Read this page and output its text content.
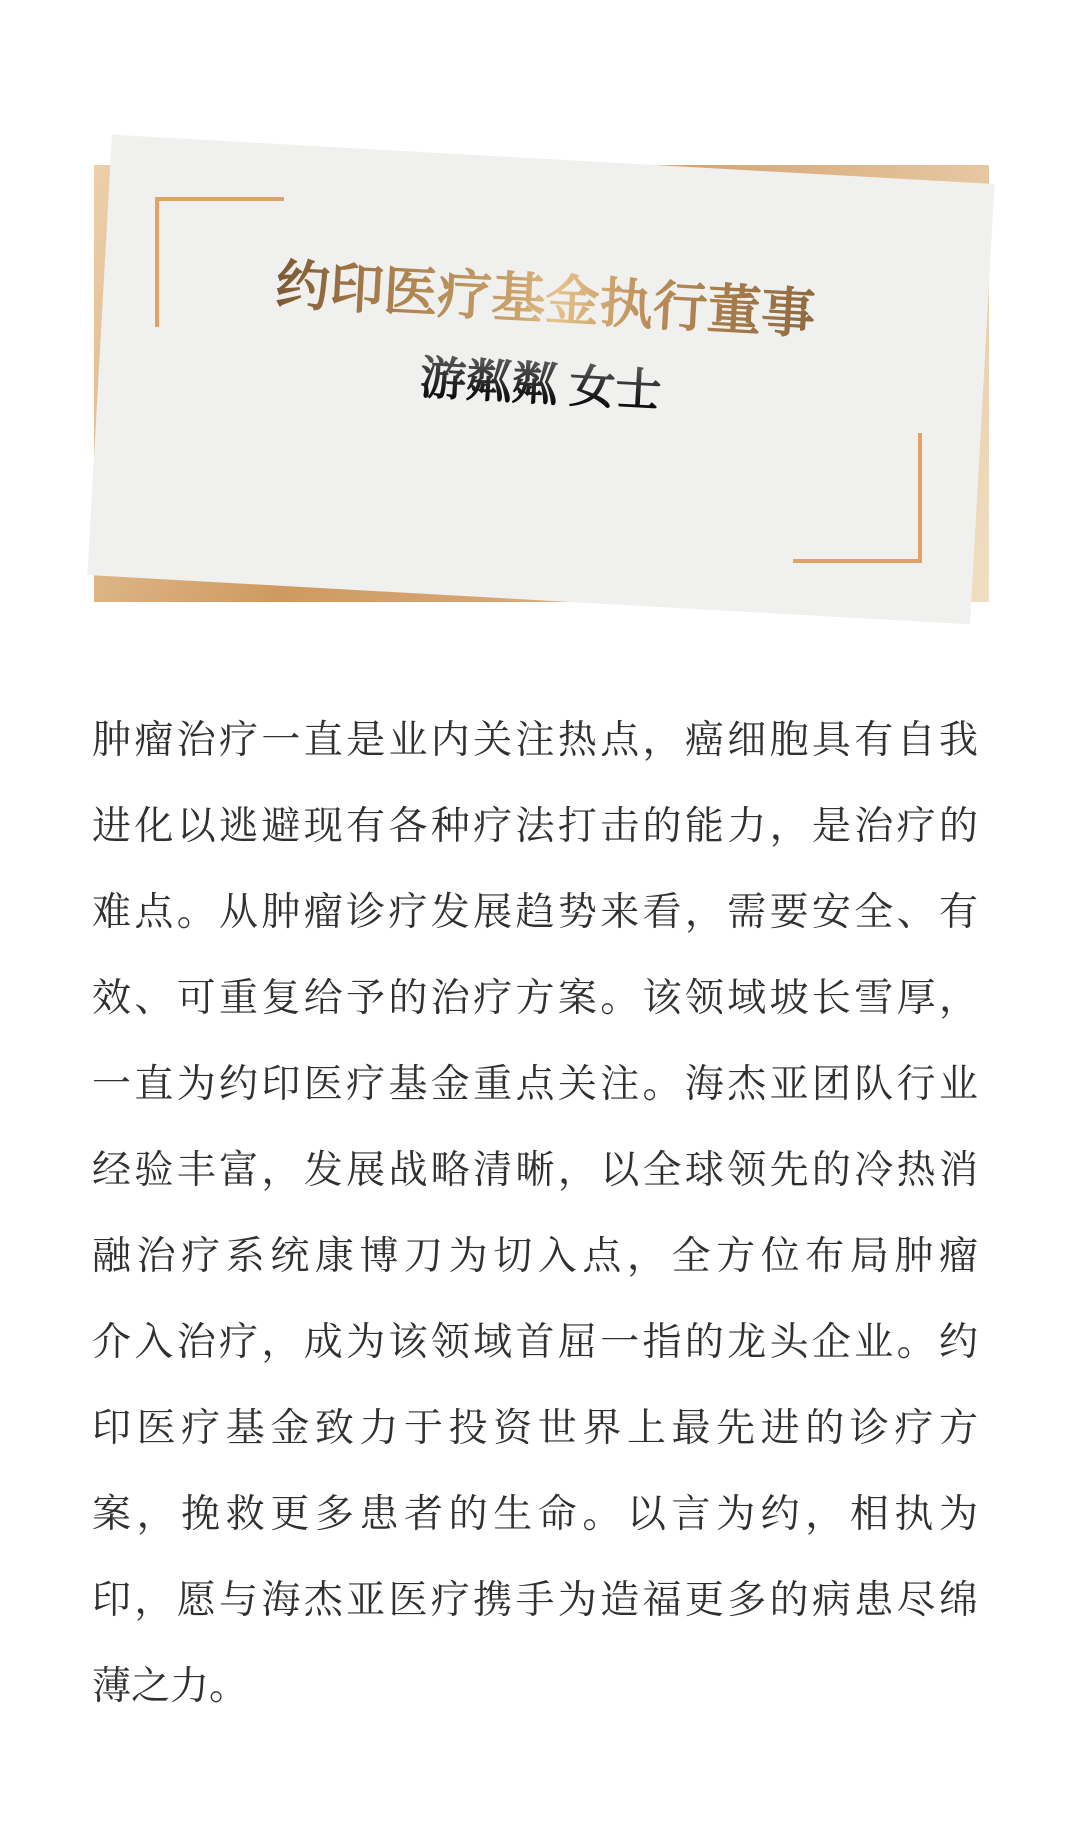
约印医疗基金执行董事
游粼粼 女士
肿瘤治疗一直是业内关注热点，癌细胞具有自我
进化以逃避现有各种疗法打击的能力，是治疗的
难点。从肿瘤诊疗发展趋势来看，需要安全、有
效、可重复给予的治疗方案。该领域坡长雪厚，
一直为约印医疗基金重点关注。海杰亚团队行业
经验丰富，发展战略清晰，以全球领先的冷热消
融治疗系统康博刀为切入点，全方位布局肿瘤
介入治疗，成为该领域首屈一指的龙头企业。约
印医疗基金致力于投资世界上最先进的诊疗方
案，挽救更多患者的生命。以言为约，相执为
印，愿与海杰亚医疗携手为造福更多的病患尽绵
薄之力。
